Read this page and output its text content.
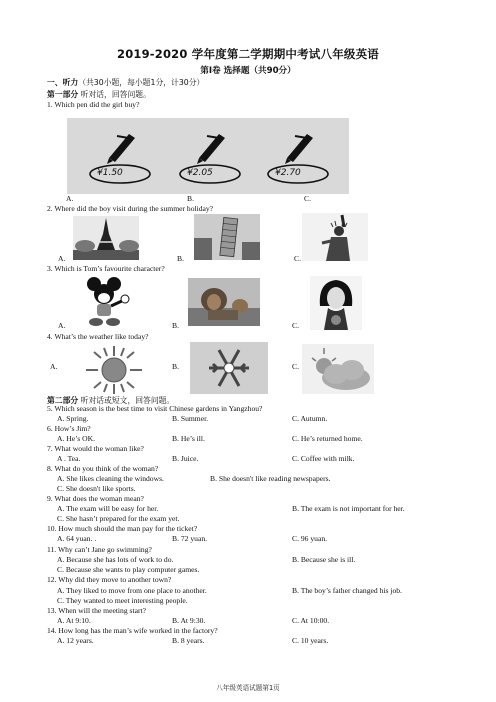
2019-2020 学年度第二学期期中考试八年级英语
第Ⅰ卷 选择题（共90分）
一、听力（共30小题，每小题1分，计30分）
第一部分 听对话，回答问题。
1. Which pen did the girl buy?
¥1.50	¥2.05	¥2.70
A.	B.	C.
2. Where did the boy visit during the summer holiday?
A.	B.	C.
3. Which is Tom’s favourite character?
A.	B.	C.
4. What’s the weather like today?
A.	B.	C.
第二部分 听对话或短文，回答问题。
5. Which season is the best time to visit Chinese gardens in Yangzhou?
A. Spring.	B. Summer.	C. Autumn.
6. How’s Jim?
A. He’s OK.	B. He’s ill.	C. He’s returned home.
7. What would the woman like?
A . Tea.	B. Juice.	C. Coffee with milk.
8. What do you think of the woman?
A. She likes cleaning the windows.	B. She doesn't like reading newspapers.
C. She doesn't like sports.
9. What does the woman mean?
A. The exam will be easy for her.	B. The exam is not important for her.
C. She hasn’t prepared for the exam yet.
10. How much should the man pay for the ticket?
A. 64 yuan. .	B. 72 yuan.	C. 96 yuan.
11. Why can’t Jane go swimming?
A. Because she has lots of work to do.	B. Because she is ill.
C. Because she wants to play computer games.
12. Why did they move to another town?
A. They liked to move from one place to another.	B. The boy’s father changed his job.
C. They wanted to meet interesting people.
13. When will the meeting start?
A. At 9:10.	B. At 9:30.	C. At 10:00.
14. How long has the man’s wife worked in the factory?
A. 12 years.	B. 8 years.	C. 10 years.
八年级英语试题第1页
